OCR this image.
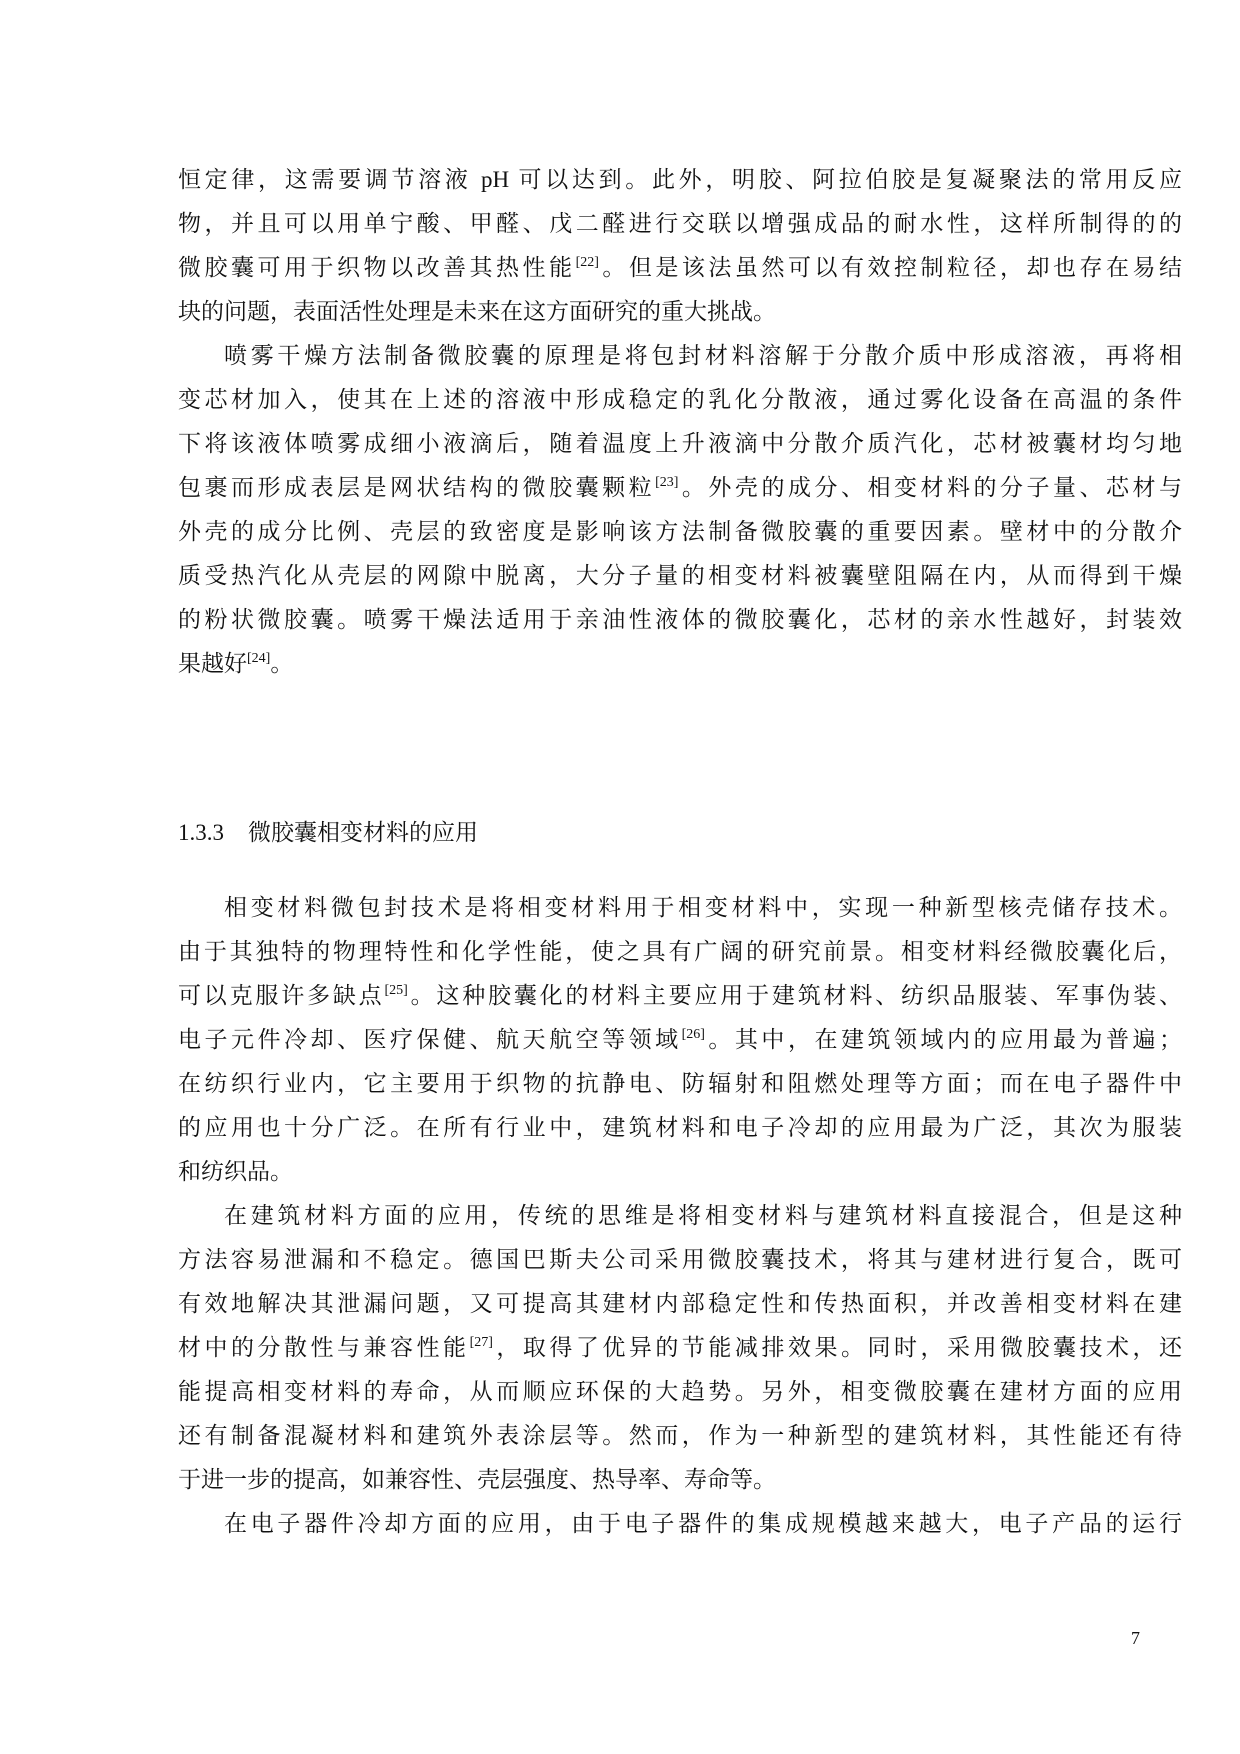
恒定律，这需要调节溶液 pH 可以达到。此外，明胶、阿拉伯胶是复凝聚法的常用反应
物，并且可以用单宁酸、甲醛、戊二醛进行交联以增强成品的耐水性，这样所制得的的
微胶囊可用于织物以改善其热性能[22]。但是该法虽然可以有效控制粒径，却也存在易结
块的问题，表面活性处理是未来在这方面研究的重大挑战。
喷雾干燥方法制备微胶囊的原理是将包封材料溶解于分散介质中形成溶液，再将相
变芯材加入，使其在上述的溶液中形成稳定的乳化分散液，通过雾化设备在高温的条件
下将该液体喷雾成细小液滴后，随着温度上升液滴中分散介质汽化，芯材被囊材均匀地
包裹而形成表层是网状结构的微胶囊颗粒[23]。外壳的成分、相变材料的分子量、芯材与
外壳的成分比例、壳层的致密度是影响该方法制备微胶囊的重要因素。壁材中的分散介
质受热汽化从壳层的网隙中脱离，大分子量的相变材料被囊壁阻隔在内，从而得到干燥
的粉状微胶囊。喷雾干燥法适用于亲油性液体的微胶囊化，芯材的亲水性越好，封装效
果越好[24]。
相变材料微包封技术是将相变材料用于相变材料中，实现一种新型核壳储存技术。
由于其独特的物理特性和化学性能，使之具有广阔的研究前景。相变材料经微胶囊化后，
可以克服许多缺点[25]。这种胶囊化的材料主要应用于建筑材料、纺织品服装、军事伪装、
电子元件冷却、医疗保健、航天航空等领域[26]。其中，在建筑领域内的应用最为普遍；
在纺织行业内，它主要用于织物的抗静电、防辐射和阻燃处理等方面；而在电子器件中
的应用也十分广泛。在所有行业中，建筑材料和电子冷却的应用最为广泛，其次为服装
和纺织品。
在建筑材料方面的应用，传统的思维是将相变材料与建筑材料直接混合，但是这种
方法容易泄漏和不稳定。德国巴斯夫公司采用微胶囊技术，将其与建材进行复合，既可
有效地解决其泄漏问题，又可提高其建材内部稳定性和传热面积，并改善相变材料在建
材中的分散性与兼容性能[27]，取得了优异的节能减排效果。同时，采用微胶囊技术，还
能提高相变材料的寿命，从而顺应环保的大趋势。另外，相变微胶囊在建材方面的应用
还有制备混凝材料和建筑外表涂层等。然而，作为一种新型的建筑材料，其性能还有待
于进一步的提高，如兼容性、壳层强度、热导率、寿命等。
在电子器件冷却方面的应用，由于电子器件的集成规模越来越大，电子产品的运行
1.3.3 微胶囊相变材料的应用
7
